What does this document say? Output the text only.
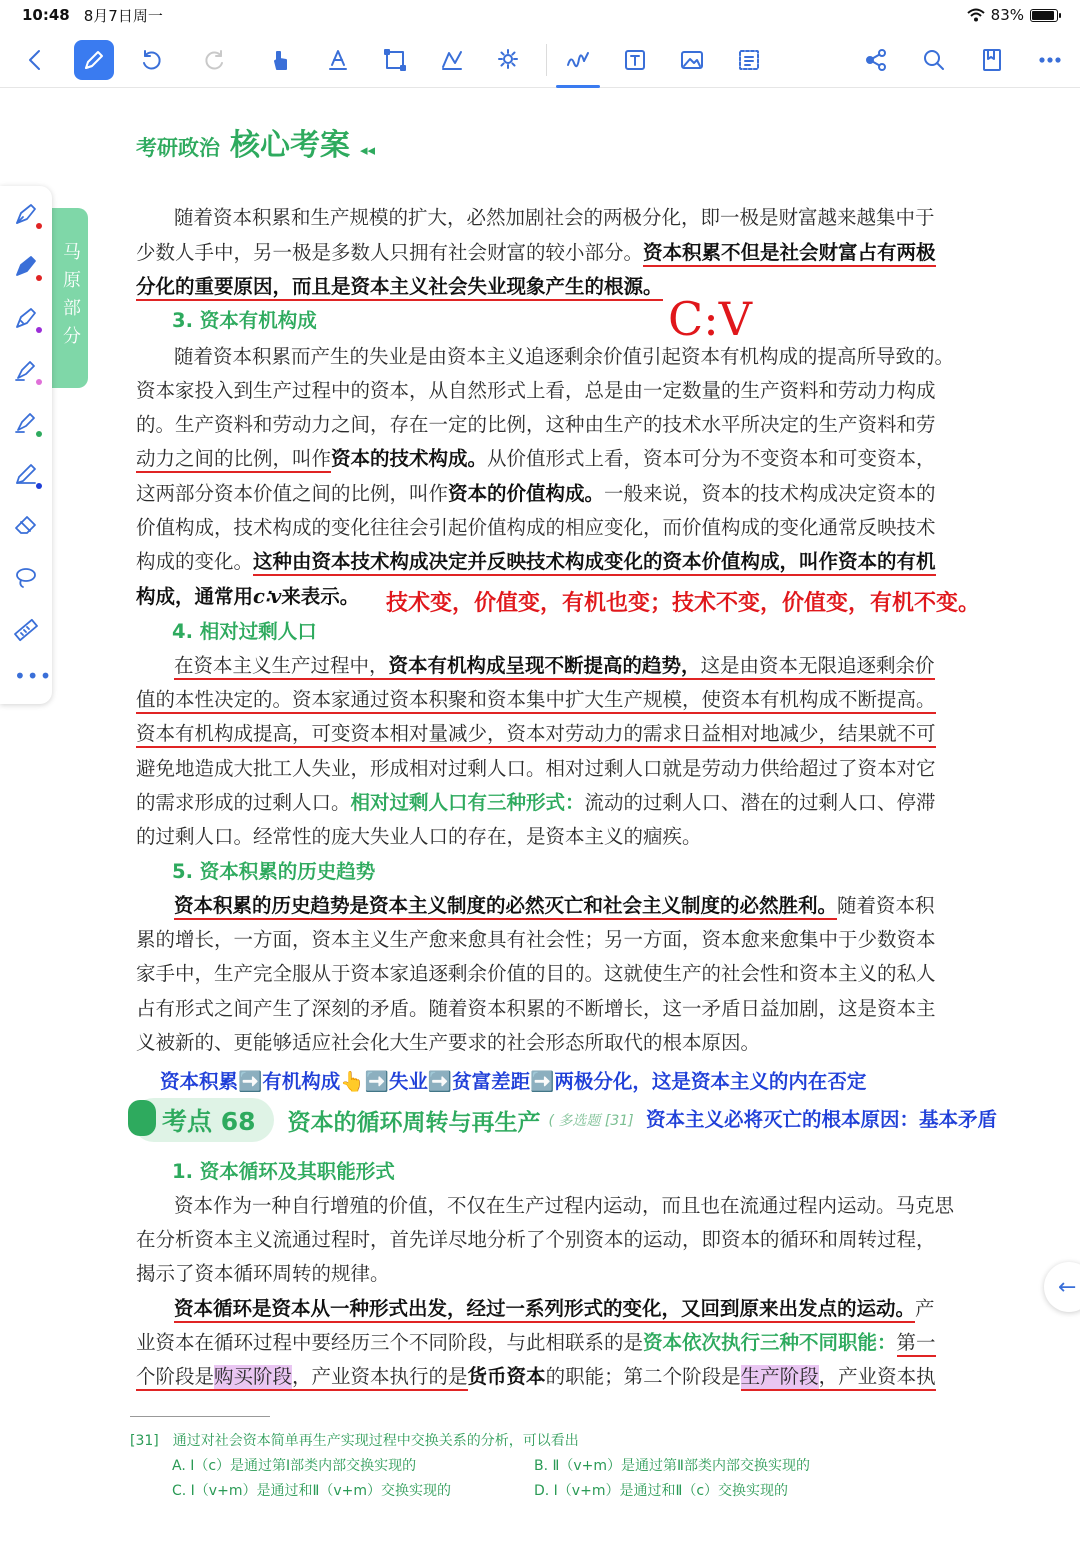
10:48 8月7日周一	83%
马原部分
•••
考研政治 核心考案 ◂◂
随着资本积累和生产规模的扩大，必然加剧社会的两极分化，即一极是财富越来越集中于
少数人手中，另一极是多数人只拥有社会财富的较小部分。资本积累不但是社会财富占有两极
分化的重要原因，而且是资本主义社会失业现象产生的根源。
3. 资本有机构成	C:V
随着资本积累而产生的失业是由资本主义追逐剩余价值引起资本有机构成的提高所导致的。
资本家投入到生产过程中的资本，从自然形式上看，总是由一定数量的生产资料和劳动力构成
的。生产资料和劳动力之间，存在一定的比例，这种由生产的技术水平所决定的生产资料和劳
动力之间的比例，叫作资本的技术构成。从价值形式上看，资本可分为不变资本和可变资本，
这两部分资本价值之间的比例，叫作资本的价值构成。一般来说，资本的技术构成决定资本的
价值构成，技术构成的变化往往会引起价值构成的相应变化，而价值构成的变化通常反映技术
构成的变化。这种由资本技术构成决定并反映技术构成变化的资本价值构成，叫作资本的有机
构成，通常用c∶v来表示。 技术变，价值变，有机也变；技术不变，价值变，有机不变。
4. 相对过剩人口
在资本主义生产过程中，资本有机构成呈现不断提高的趋势，这是由资本无限追逐剩余价
值的本性决定的。资本家通过资本积聚和资本集中扩大生产规模，使资本有机构成不断提高。
资本有机构成提高，可变资本相对量减少，资本对劳动力的需求日益相对地减少，结果就不可
避免地造成大批工人失业，形成相对过剩人口。相对过剩人口就是劳动力供给超过了资本对它
的需求形成的过剩人口。相对过剩人口有三种形式：流动的过剩人口、潜在的过剩人口、停滞
的过剩人口。经常性的庞大失业人口的存在，是资本主义的痼疾。
5. 资本积累的历史趋势
资本积累的历史趋势是资本主义制度的必然灭亡和社会主义制度的必然胜利。随着资本积
累的增长，一方面，资本主义生产愈来愈具有社会性；另一方面，资本愈来愈集中于少数资本
家手中，生产完全服从于资本家追逐剩余价值的目的。这就使生产的社会性和资本主义的私人
占有形式之间产生了深刻的矛盾。随着资本积累的不断增长，这一矛盾日益加剧，这是资本主
义被新的、更能够适应社会化大生产要求的社会形态所取代的根本原因。
资本积累➡️有机构成👆➡️失业➡️贫富差距➡️两极分化，这是资本主义的内在否定
考点 68	资本的循环周转与再生产 ( 多选题 [31] 资本主义必将灭亡的根本原因：基本矛盾
1. 资本循环及其职能形式
资本作为一种自行增殖的价值，不仅在生产过程内运动，而且也在流通过程内运动。马克思
在分析资本主义流通过程时，首先详尽地分析了个别资本的运动，即资本的循环和周转过程，
揭示了资本循环周转的规律。
资本循环是资本从一种形式出发，经过一系列形式的变化，又回到原来出发点的运动。产
业资本在循环过程中要经历三个不同阶段，与此相联系的是资本依次执行三种不同职能：第一
个阶段是购买阶段，产业资本执行的是货币资本的职能；第二个阶段是生产阶段，产业资本执
[31]　通过对社会资本简单再生产实现过程中交换关系的分析，可以看出
A. Ⅰ（c）是通过第Ⅰ部类内部交换实现的	B. Ⅱ（v+m）是通过第Ⅱ部类内部交换实现的
C. Ⅰ（v+m）是通过和Ⅱ（v+m）交换实现的	D. Ⅰ（v+m）是通过和Ⅱ（c）交换实现的
←
